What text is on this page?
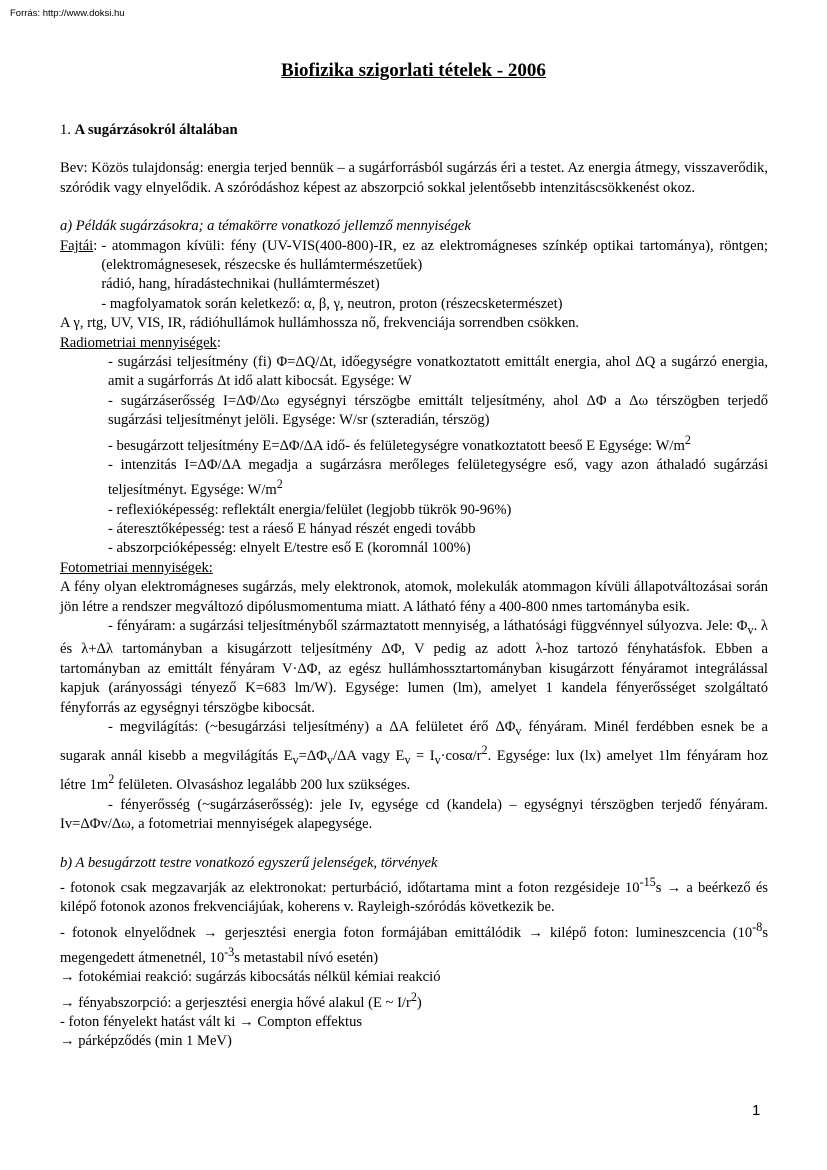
Forrás: http://www.doksi.hu
Biofizika szigorlati tételek - 2006

1. A sugárzásokról általában

Bev: Közös tulajdonság: energia terjed bennük – a sugárforrásból sugárzás éri a testet. Az energia átmegy, visszaverődik, szóródik vagy elnyelődik. A szóródáshoz képest az abszorpció sokkal jelentősebb intenzitáscsökkenést okoz.

a) Példák sugárzásokra; a témakörre vonatkozó jellemző mennyiségek

Fajtái: - atommagon kívüli: fény (UV-VIS(400-800)-IR, ez az elektromágneses színkép optikai tartománya), röntgen; (elektromágnesesek, részecske és hullámtermészetűek)

rádió, hang, híradástechnikai (hullámtermészet)

- magfolyamatok során keletkező: α, β, γ, neutron, proton (részecsketermészet)

A γ, rtg, UV, VIS, IR, rádióhullámok hullámhossza nő, frekvenciája sorrendben csökken.

Radiometriai mennyiségek:

- sugárzási teljesítmény (fi) Φ=ΔQ/Δt, időegységre vonatkoztatott emittált energia, ahol ΔQ a sugárzó energia, amit a sugárforrás Δt idő alatt kibocsát. Egysége: W

- sugárzáserősség I=ΔΦ/Δω egységnyi térszögbe emittált teljesítmény, ahol ΔΦ a Δω térszögben terjedő sugárzási teljesítményt jelöli. Egysége: W/sr (szteradián, térszög)

- besugárzott teljesítmény E=ΔΦ/ΔA idő- és felületegységre vonatkoztatott beeső E Egysége: $W/m^2$

- intenzitás I=ΔΦ/ΔA megadja a sugárzásra merőleges felületegységre eső, vagy azon áthaladó sugárzási teljesítményt. Egysége: $W/m^2$

- reflexióképesség: reflektált energia/felület (legjobb tükrök 90-96%)

- áteresztőképesség: test a ráeső E hányad részét engedi tovább

- abszorpcióképesség: elnyelt E/testre eső E (koromnál 100%)

Fotometriai mennyiségek:

A fény olyan elektromágneses sugárzás, mely elektronok, atomok, molekulák atommagon kívüli állapotváltozásai során jön létre a rendszer megváltozó dipólusmomentuma miatt. A látható fény a 400-800 nmes tartományba esik.

- fényáram: a sugárzási teljesítményből származtatott mennyiség, a láthatósági függvénnyel súlyozva. Jele: $\Phi_v$. λ és λ+Δλ tartományban a kisugárzott teljesítmény ΔΦ, V pedig az adott λ-hoz tartozó fényhatásfok. Ebben a tartományban az emittált fényáram V·ΔΦ, az egész hullámhossztartományban kisugárzott fényáramot integrálással kapjuk (arányossági tényező K=683 lm/W). Egysége: lumen (lm), amelyet 1 kandela fényerősséget szolgáltató fényforrás az egységnyi térszögbe kibocsát.

- megvilágítás: (~besugárzási teljesítmény) a ΔA felületet érő $\Delta\Phi_v$ fényáram. Minél ferdébben esnek be a sugarak annál kisebb a megvilágítás $E_v=\Delta\Phi_v/\Delta A$ vagy $E_v = I_v\cdot\cos\alpha/r^2$. Egysége: lux (lx) amelyet 1lm fényáram hoz létre $1m^2$ felületen. Olvasáshoz legalább 200 lux szükséges.

- fényerősség (~sugárzáserősség): jele Iv, egysége cd (kandela) – egységnyi térszögben terjedő fényáram. Iv=ΔΦv/Δω, a fotometriai mennyiségek alapegysége.

b) A besugárzott testre vonatkozó egyszerű jelenségek, törvények

- fotonok csak megzavarják az elektronokat: perturbáció, időtartama mint a foton rezgésideje $10^{-15}s \to a$ beérkező és kilépő fotonok azonos frekvenciájúak, koherens v. Rayleigh-szóródás következik be.

- fotonok elnyelődnek → gerjesztési energia foton formájában emittálódik → kilépő foton: lumineszcencia ($10^{-8}s$ megengedett átmenetnél, $10^{-3}s$ metastabil nívó esetén)

→ fotokémiai reakció: sugárzás kibocsátás nélkül kémiai reakció

→ fényabszorpció: a gerjesztési energia hővé alakul (E ~ $I/r^2$)

- foton fényelekt hatást vált ki → Compton effektus

→ párképződés (min 1 MeV)

1
